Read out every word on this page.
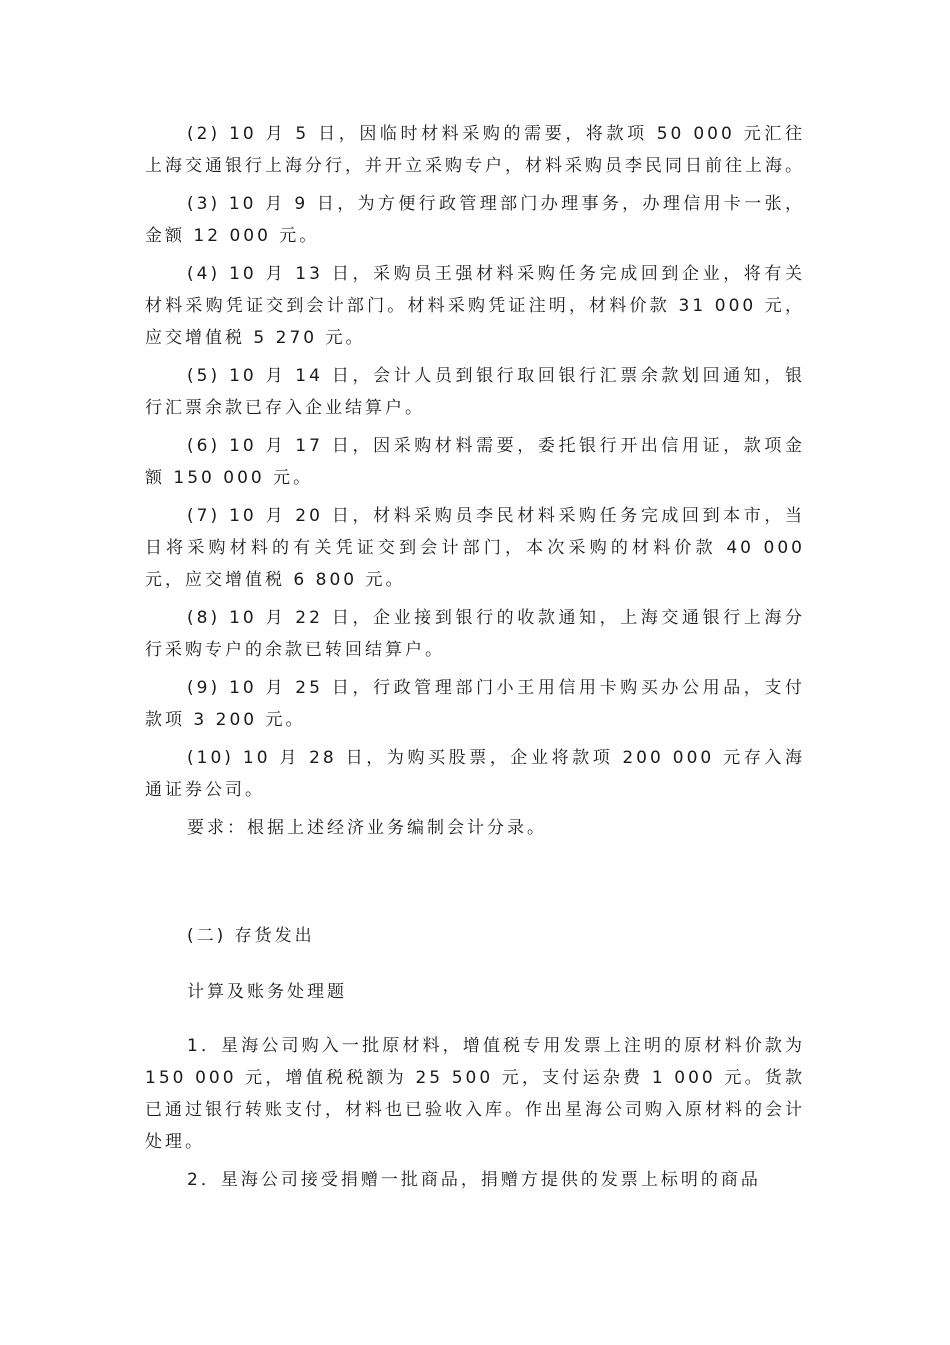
(2) 10 月 5 日，因临时材料采购的需要，将款项 50 000 元汇往上海交通银行上海分行，并开立采购专户，材料采购员李民同日前往上海。

(3) 10 月 9 日，为方便行政管理部门办理事务，办理信用卡一张，金额 12 000 元。

(4) 10 月 13 日，采购员王强材料采购任务完成回到企业，将有关材料采购凭证交到会计部门。材料采购凭证注明，材料价款 31 000 元，应交增值税 5 270 元。

(5) 10 月 14 日，会计人员到银行取回银行汇票余款划回通知，银行汇票余款已存入企业结算户。

(6) 10 月 17 日，因采购材料需要，委托银行开出信用证，款项金额 150 000 元。

(7) 10 月 20 日，材料采购员李民材料采购任务完成回到本市，当日将采购材料的有关凭证交到会计部门，本次采购的材料价款 40 000 元，应交增值税 6 800 元。

(8) 10 月 22 日，企业接到银行的收款通知，上海交通银行上海分行采购专户的余款已转回结算户。

(9) 10 月 25 日，行政管理部门小王用信用卡购买办公用品，支付款项 3 200 元。

(10) 10 月 28 日，为购买股票，企业将款项 200 000 元存入海通证券公司。

要求：根据上述经济业务编制会计分录。

(二) 存货发出

计算及账务处理题

1．星海公司购入一批原材料，增值税专用发票上注明的原材料价款为 150 000 元，增值税税额为 25 500 元，支付运杂费 1 000 元。货款已通过银行转账支付，材料也已验收入库。作出星海公司购入原材料的会计处理。

2．星海公司接受捐赠一批商品，捐赠方提供的发票上标明的商品
